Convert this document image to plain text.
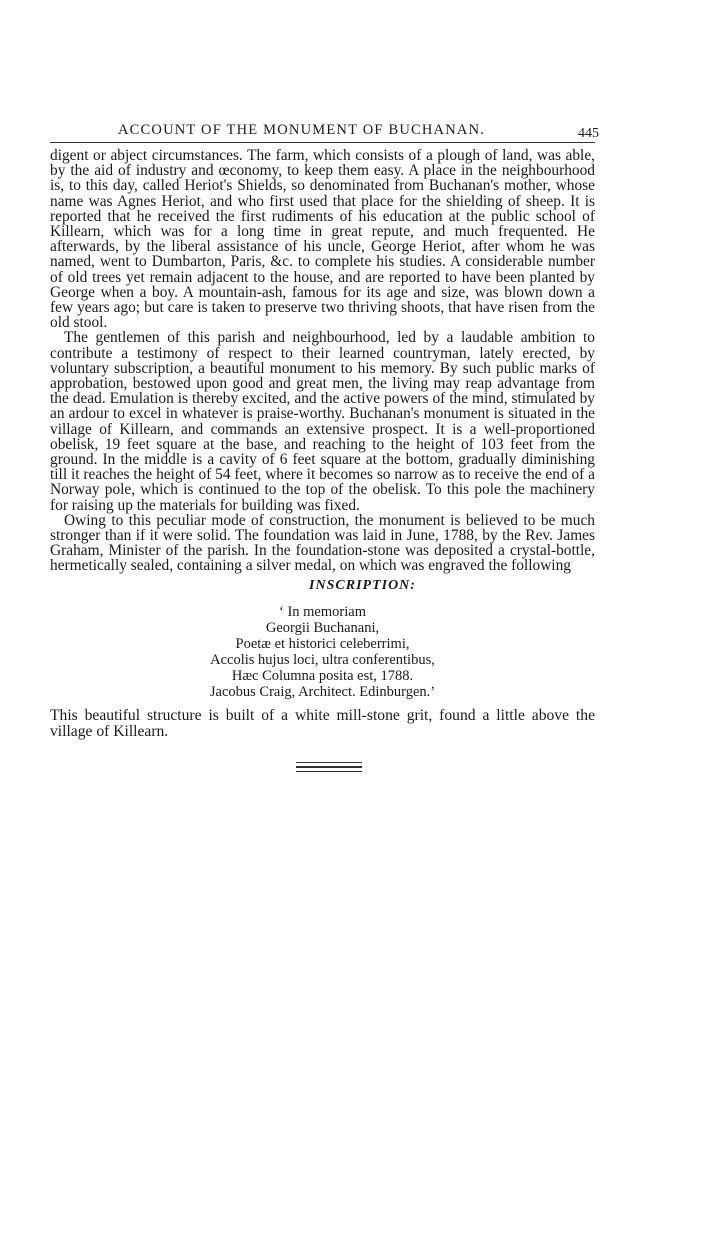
ACCOUNT OF THE MONUMENT OF BUCHANAN.	445

digent or abject circumstances. The farm, which consists of a plough of land, was able, by the aid of industry and œconomy, to keep them easy. A place in the neighbourhood is, to this day, called Heriot's Shields, so denominated from Buchanan's mother, whose name was Agnes Heriot, and who first used that place for the shielding of sheep. It is reported that he received the first rudiments of his education at the public school of Killearn, which was for a long time in great repute, and much frequented. He afterwards, by the liberal assistance of his uncle, George Heriot, after whom he was named, went to Dumbarton, Paris, &c. to complete his studies. A considerable number of old trees yet remain adjacent to the house, and are reported to have been planted by George when a boy. A mountain-ash, famous for its age and size, was blown down a few years ago; but care is taken to preserve two thriving shoots, that have risen from the old stool.

The gentlemen of this parish and neighbourhood, led by a laudable ambition to contribute a testimony of respect to their learned countryman, lately erected, by voluntary subscription, a beautiful monument to his memory. By such public marks of approbation, bestowed upon good and great men, the living may reap advantage from the dead. Emulation is thereby excited, and the active powers of the mind, stimulated by an ardour to excel in whatever is praise-worthy. Buchanan's monument is situated in the village of Killearn, and commands an extensive prospect. It is a well-proportioned obelisk, 19 feet square at the base, and reaching to the height of 103 feet from the ground. In the middle is a cavity of 6 feet square at the bottom, gradually diminishing till it reaches the height of 54 feet, where it becomes so narrow as to receive the end of a Norway pole, which is continued to the top of the obelisk. To this pole the machinery for raising up the materials for building was fixed.

Owing to this peculiar mode of construction, the monument is believed to be much stronger than if it were solid. The foundation was laid in June, 1788, by the Rev. James Graham, Minister of the parish. In the foundation-stone was deposited a crystal-bottle, hermetically sealed, containing a silver medal, on which was engraved the following

INSCRIPTION:
‘ In memoriam
Georgii Buchanani,
Poetæ et historici celeberrimi,
Accolis hujus loci, ultra conferentibus,
Hæc Columna posita est, 1788.
Jacobus Craig, Architect. Edinburgen.’

This beautiful structure is built of a white mill-stone grit, found a little above the village of Killearn.
